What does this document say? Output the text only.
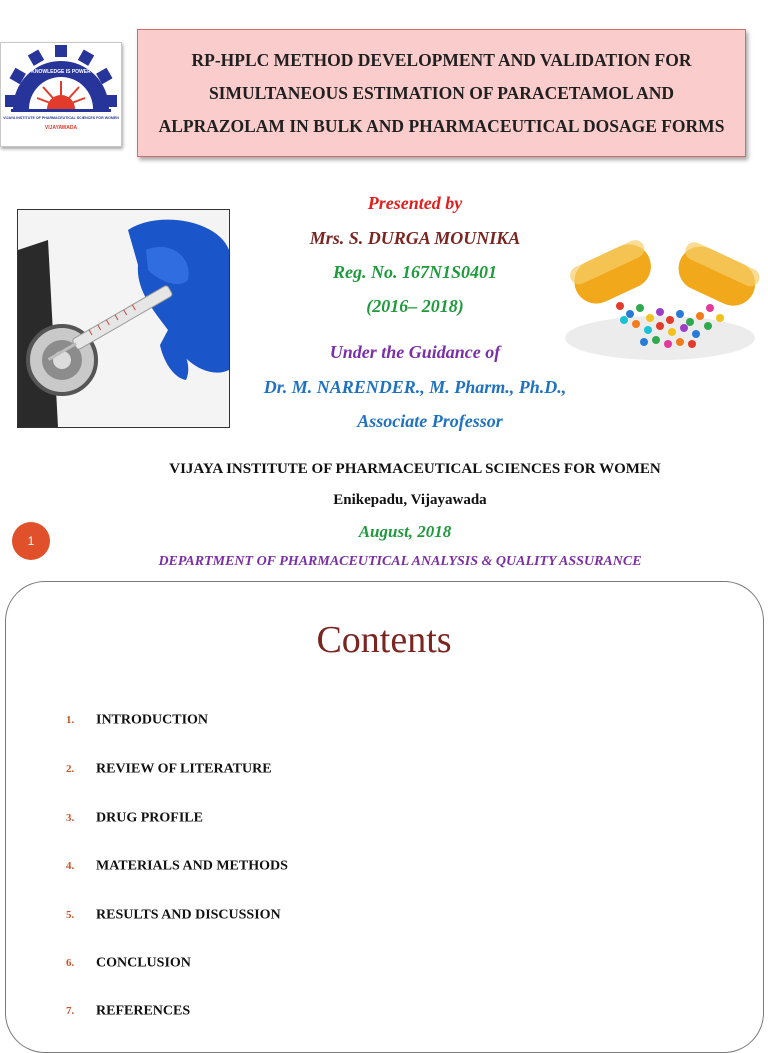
KNOWLEDGE IS POWER
VIJAYA INSTITUTE OF PHARMACEUTICAL SCIENCES FOR WOMEN
VIJAYAWADA
RP-HPLC METHOD DEVELOPMENT AND VALIDATION FOR
SIMULTANEOUS ESTIMATION OF PARACETAMOL AND
ALPRAZOLAM IN BULK AND PHARMACEUTICAL DOSAGE FORMS
Presented by
Mrs. S. DURGA MOUNIKA
Reg. No. 167N1S0401
(2016– 2018)
Under the Guidance of
Dr. M. NARENDER., M. Pharm., Ph.D.,
Associate Professor
VIJAYA INSTITUTE OF PHARMACEUTICAL SCIENCES FOR WOMEN
Enikepadu, Vijayawada
August, 2018
DEPARTMENT OF PHARMACEUTICAL ANALYSIS & QUALITY ASSURANCE
1
Contents
1. INTRODUCTION
2. REVIEW OF LITERATURE
3. DRUG PROFILE
4. MATERIALS AND METHODS
5. RESULTS AND DISCUSSION
6. CONCLUSION
7. REFERENCES
